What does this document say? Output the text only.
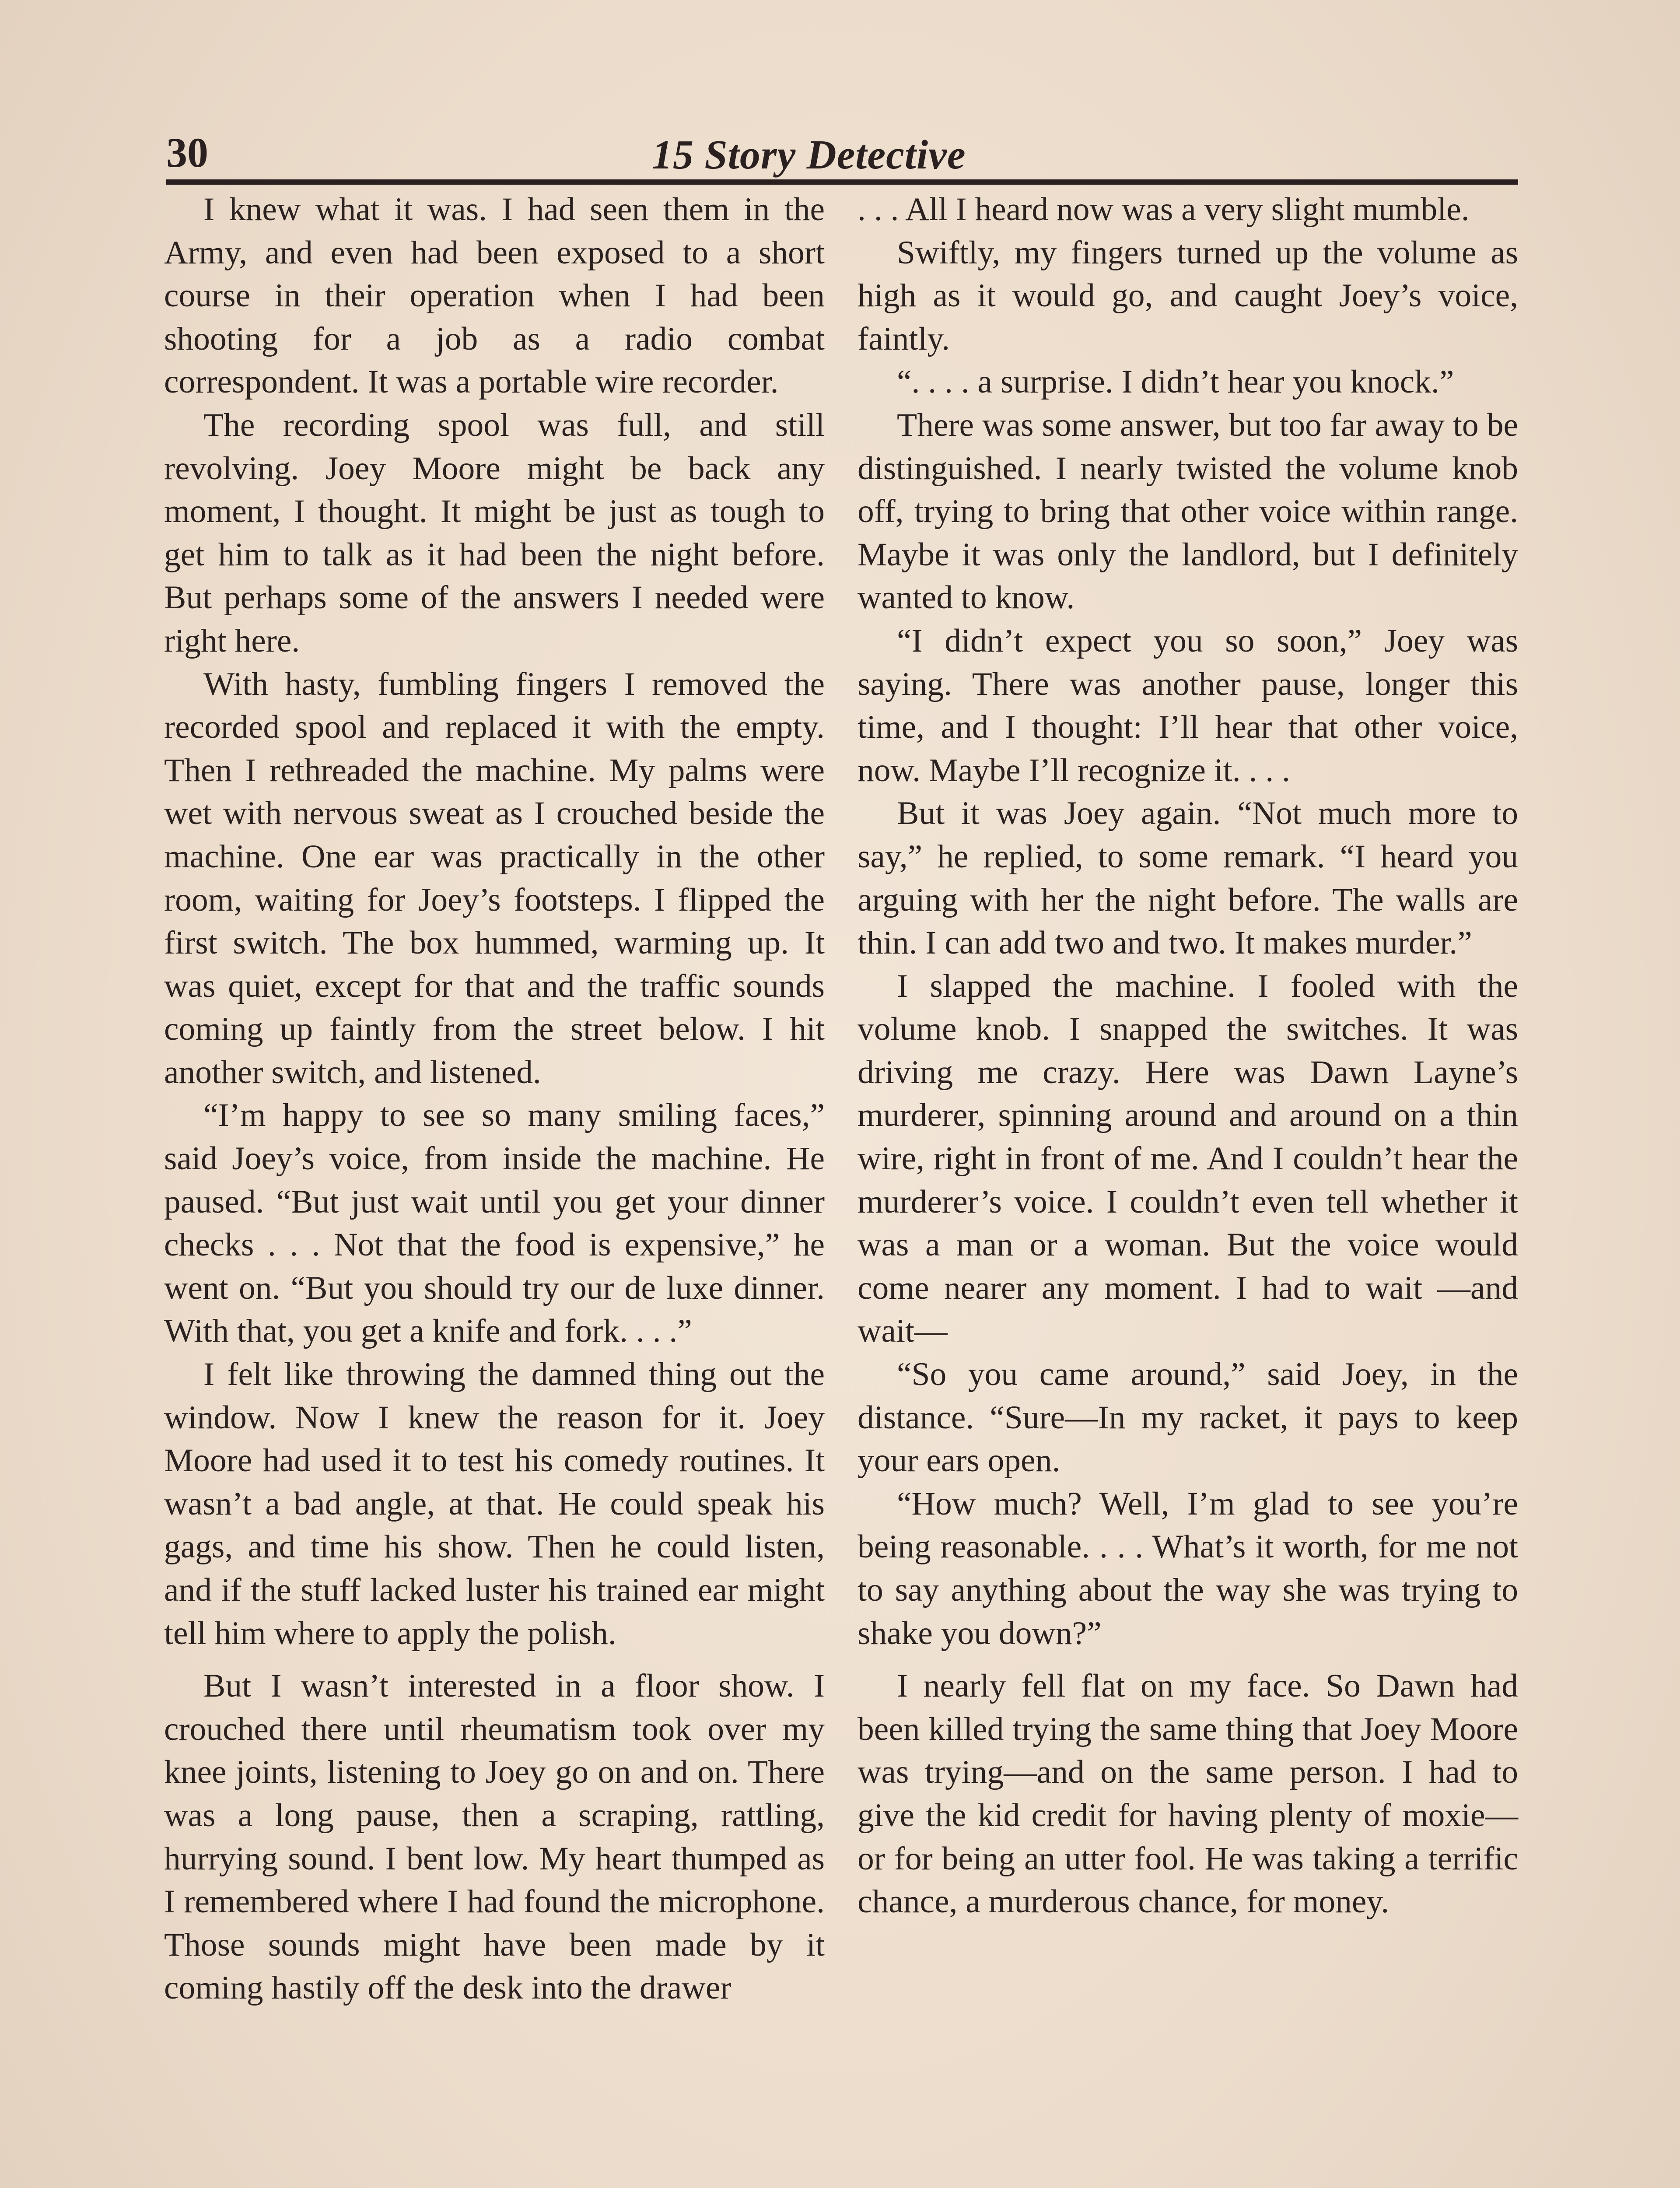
30	15 Story Detective

I knew what it was. I had seen them in the Army, and even had been exposed to a short course in their operation when I had been shooting for a job as a radio combat correspondent. It was a portable wire recorder.

The recording spool was full, and still revolving. Joey Moore might be back any moment, I thought. It might be just as tough to get him to talk as it had been the night before. But perhaps some of the answers I needed were right here.

With hasty, fumbling fingers I removed the recorded spool and replaced it with the empty. Then I rethreaded the machine. My palms were wet with nervous sweat as I crouched beside the machine. One ear was practically in the other room, waiting for Joey’s footsteps. I flipped the first switch. The box hummed, warming up. It was quiet, except for that and the traffic sounds coming up faintly from the street below. I hit another switch, and listened.

“I’m happy to see so many smiling faces,” said Joey’s voice, from inside the machine. He paused. “But just wait until you get your dinner checks . . . Not that the food is expensive,” he went on. “But you should try our de luxe dinner. With that, you get a knife and fork. . . .”

I felt like throwing the damned thing out the window. Now I knew the reason for it. Joey Moore had used it to test his comedy routines. It wasn’t a bad angle, at that. He could speak his gags, and time his show. Then he could listen, and if the stuff lacked luster his trained ear might tell him where to apply the polish.

But I wasn’t interested in a floor show. I crouched there until rheumatism took over my knee joints, listening to Joey go on and on. There was a long pause, then a scraping, rattling, hurrying sound. I bent low. My heart thumped as I remembered where I had found the microphone. Those sounds might have been made by it coming hastily off the desk into the drawer

. . . All I heard now was a very slight mumble.

Swiftly, my fingers turned up the volume as high as it would go, and caught Joey’s voice, faintly.

“. . . . a surprise. I didn’t hear you knock.”

There was some answer, but too far away to be distinguished. I nearly twisted the volume knob off, trying to bring that other voice within range. Maybe it was only the landlord, but I definitely wanted to know.

“I didn’t expect you so soon,” Joey was saying. There was another pause, longer this time, and I thought: I’ll hear that other voice, now. Maybe I’ll recognize it. . . .

But it was Joey again. “Not much more to say,” he replied, to some remark. “I heard you arguing with her the night before. The walls are thin. I can add two and two. It makes murder.”

I slapped the machine. I fooled with the volume knob. I snapped the switches. It was driving me crazy. Here was Dawn Layne’s murderer, spinning around and around on a thin wire, right in front of me. And I couldn’t hear the murderer’s voice. I couldn’t even tell whether it was a man or a woman. But the voice would come nearer any moment. I had to wait —and wait—

“So you came around,” said Joey, in the distance. “Sure—In my racket, it pays to keep your ears open.

“How much? Well, I’m glad to see you’re being reasonable. . . . What’s it worth, for me not to say anything about the way she was trying to shake you down?”

I nearly fell flat on my face. So Dawn had been killed trying the same thing that Joey Moore was trying—and on the same person. I had to give the kid credit for having plenty of moxie—or for being an utter fool. He was taking a terrific chance, a murderous chance, for money.
